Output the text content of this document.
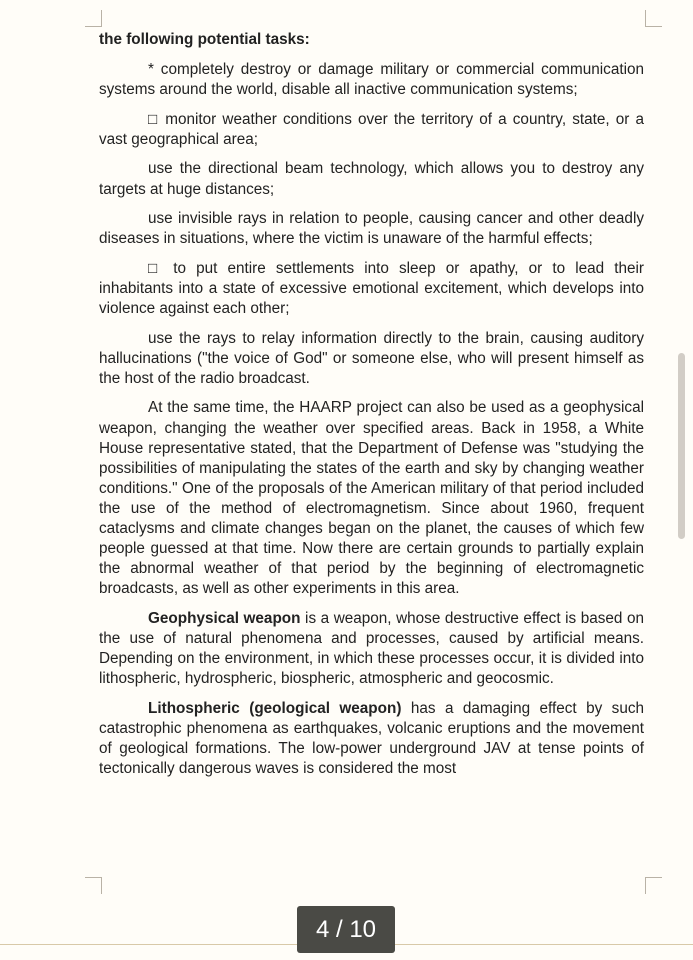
the following potential tasks:

* completely destroy or damage military or commercial communication systems around the world, disable all inactive communication systems;

□ monitor weather conditions over the territory of a country, state, or a vast geographical area;

use the directional beam technology, which allows you to destroy any targets at huge distances;

use invisible rays in relation to people, causing cancer and other deadly diseases in situations, where the victim is unaware of the harmful effects;

□ to put entire settlements into sleep or apathy, or to lead their inhabitants into a state of excessive emotional excitement, which develops into violence against each other;

use the rays to relay information directly to the brain, causing auditory hallucinations ("the voice of God" or someone else, who will present himself as the host of the radio broadcast.

At the same time, the HAARP project can also be used as a geophysical weapon, changing the weather over specified areas. Back in 1958, a White House representative stated, that the Department of Defense was "studying the possibilities of manipulating the states of the earth and sky by changing weather conditions." One of the proposals of the American military of that period included the use of the method of electromagnetism. Since about 1960, frequent cataclysms and climate changes began on the planet, the causes of which few people guessed at that time. Now there are certain grounds to partially explain the abnormal weather of that period by the beginning of electromagnetic broadcasts, as well as other experiments in this area.

Geophysical weapon is a weapon, whose destructive effect is based on the use of natural phenomena and processes, caused by artificial means. Depending on the environment, in which these processes occur, it is divided into lithospheric, hydrospheric, biospheric, atmospheric and geocosmic.

Lithospheric (geological weapon) has a damaging effect by such catastrophic phenomena as earthquakes, volcanic eruptions and the movement of geological formations. The low-power underground JAV at tense points of tectonically dangerous waves is considered the most

4 / 10
